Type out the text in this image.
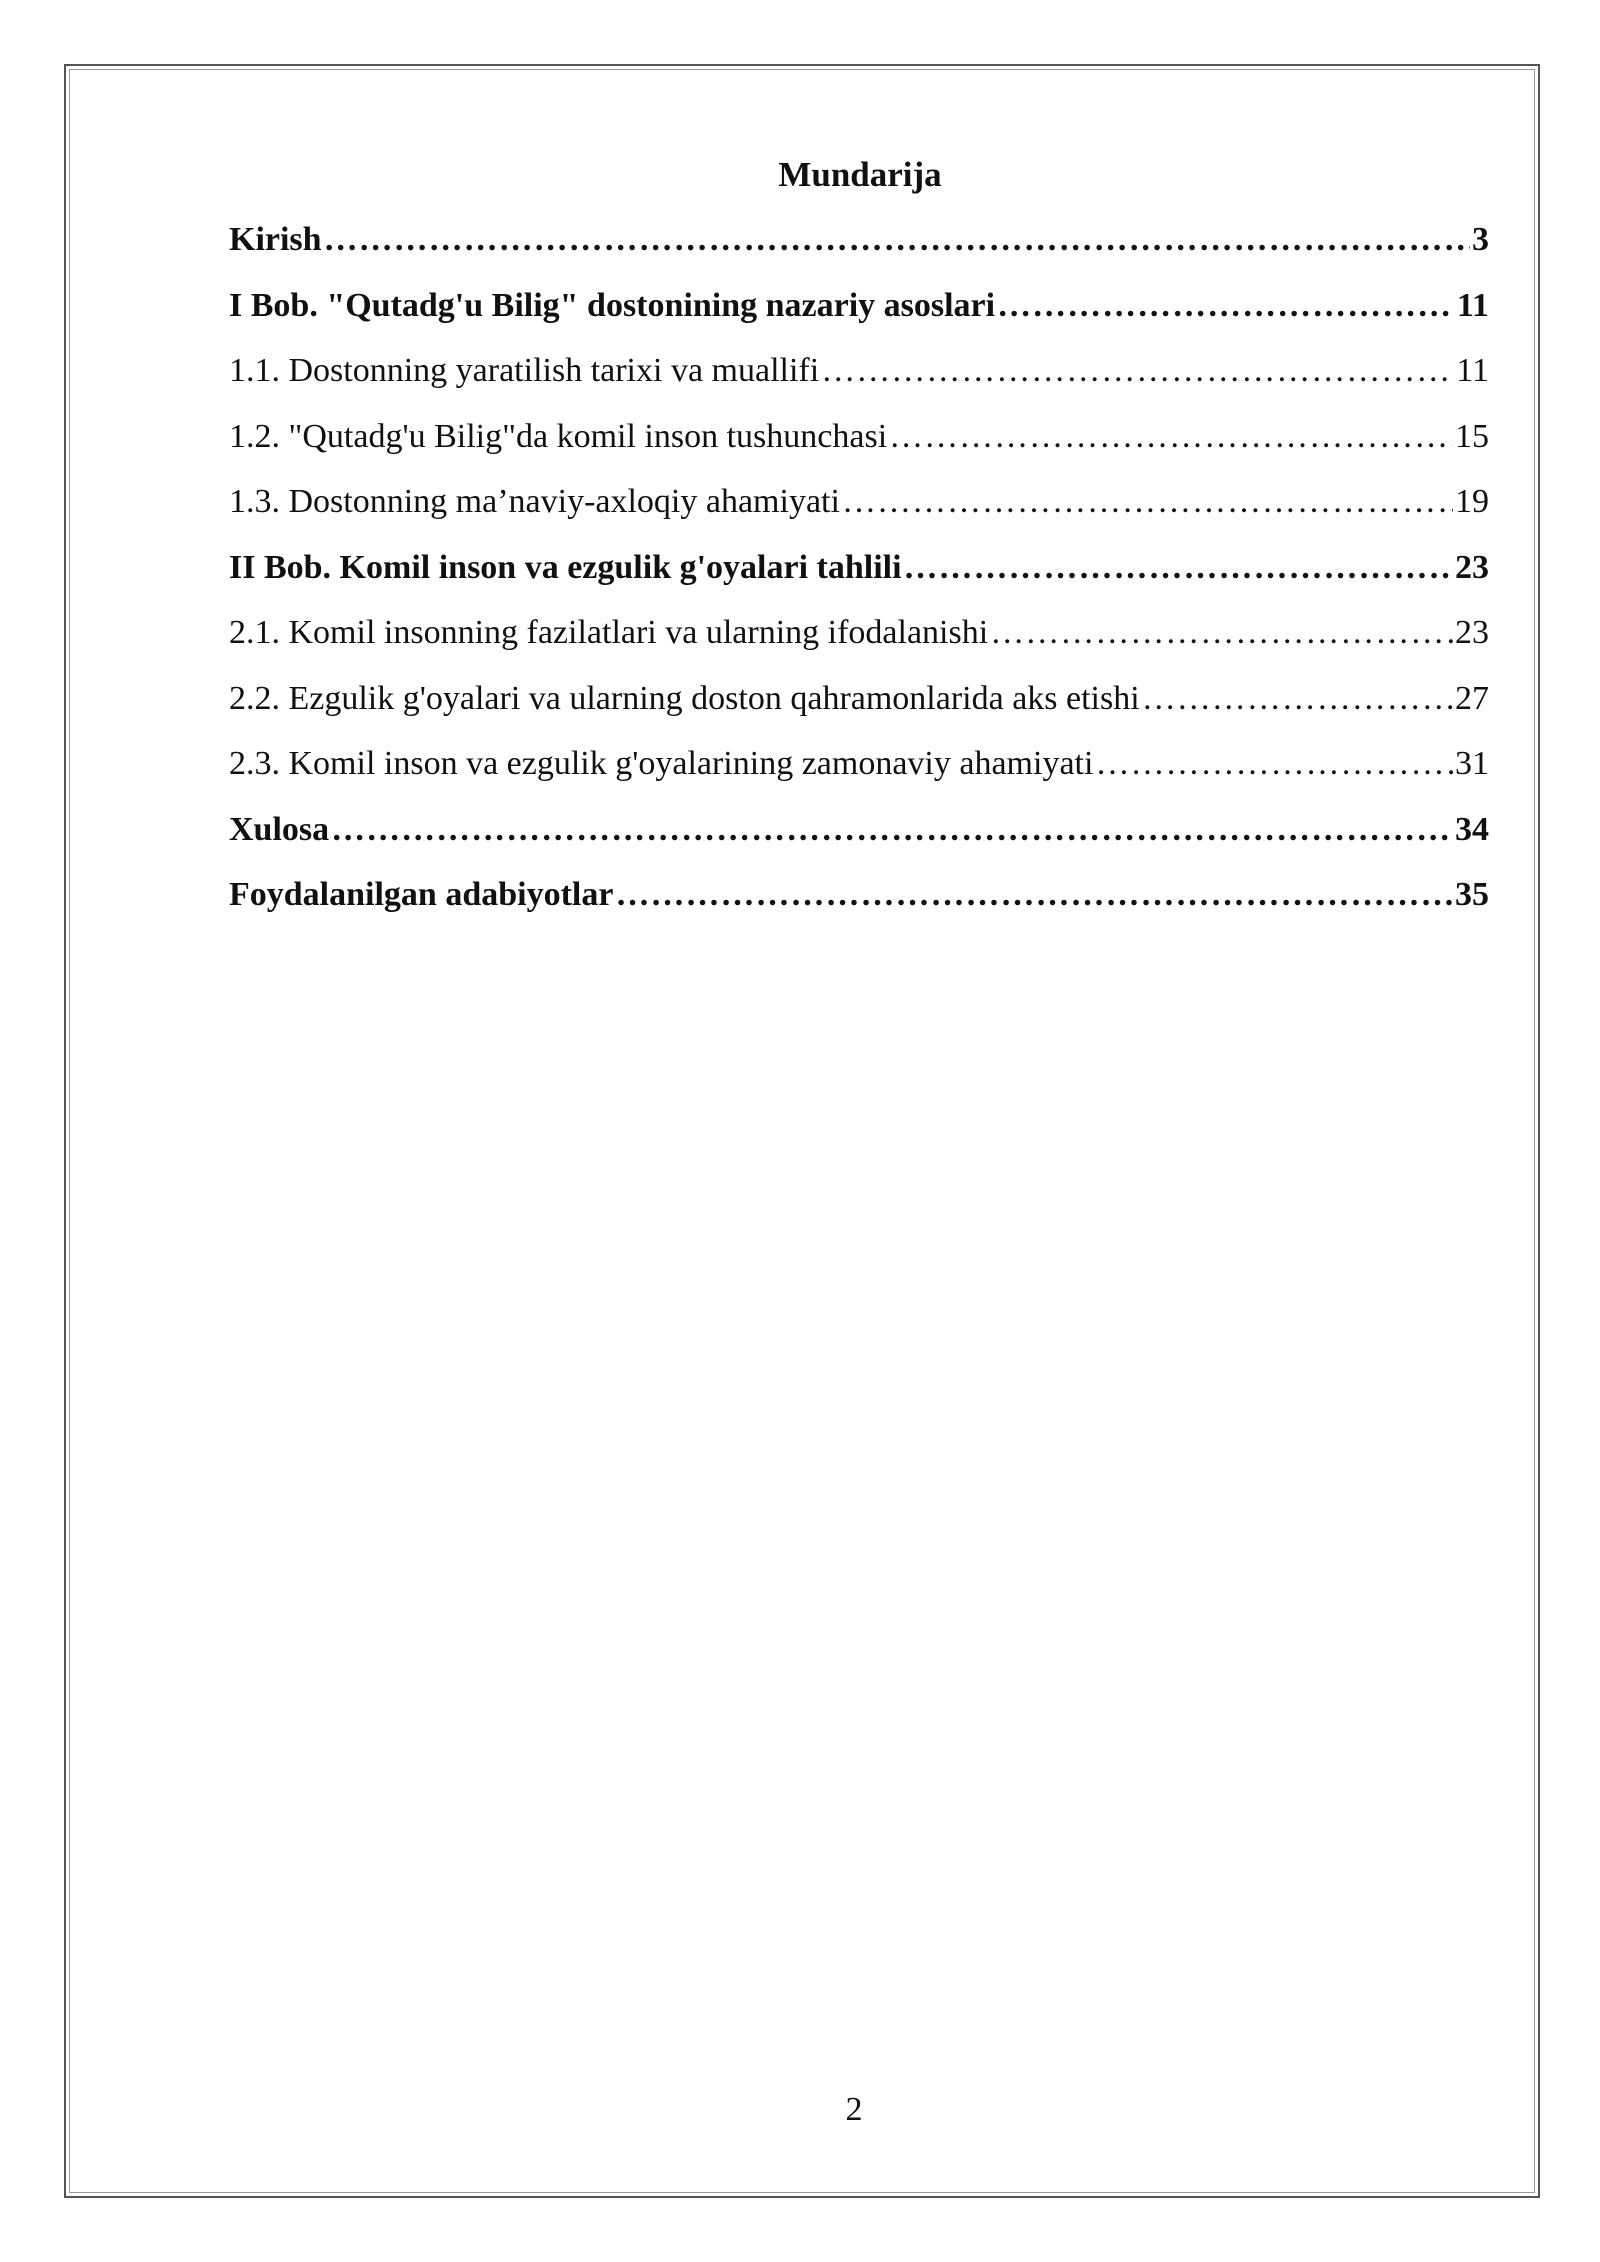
Mundarija
Kirish …………………………………………………………………………………………………………………………………………………………………………………………	3
I Bob. "Qutadg'u Bilig" dostonining nazariy asoslari …………………………………………………………………………………………………………………………………………………………………………………………	11
1.1. Dostonning yaratilish tarixi va muallifi …………………………………………………………………………………………………………………………………………………………………………………………	11
1.2. "Qutadg'u Bilig"da komil inson tushunchasi …………………………………………………………………………………………………………………………………………………………………………………………	15
1.3. Dostonning ma’naviy-axloqiy ahamiyati …………………………………………………………………………………………………………………………………………………………………………………………	19
II Bob. Komil inson va ezgulik g'oyalari tahlili …………………………………………………………………………………………………………………………………………………………………………………………	23
2.1. Komil insonning fazilatlari va ularning ifodalanishi …………………………………………………………………………………………………………………………………………………………………………………………	23
2.2. Ezgulik g'oyalari va ularning doston qahramonlarida aks etishi …………………………………………………………………………………………………………………………………………………………………………………………	27
2.3. Komil inson va ezgulik g'oyalarining zamonaviy ahamiyati …………………………………………………………………………………………………………………………………………………………………………………………	31
Xulosa …………………………………………………………………………………………………………………………………………………………………………………………	34
Foydalanilgan adabiyotlar …………………………………………………………………………………………………………………………………………………………………………………………	35
2
